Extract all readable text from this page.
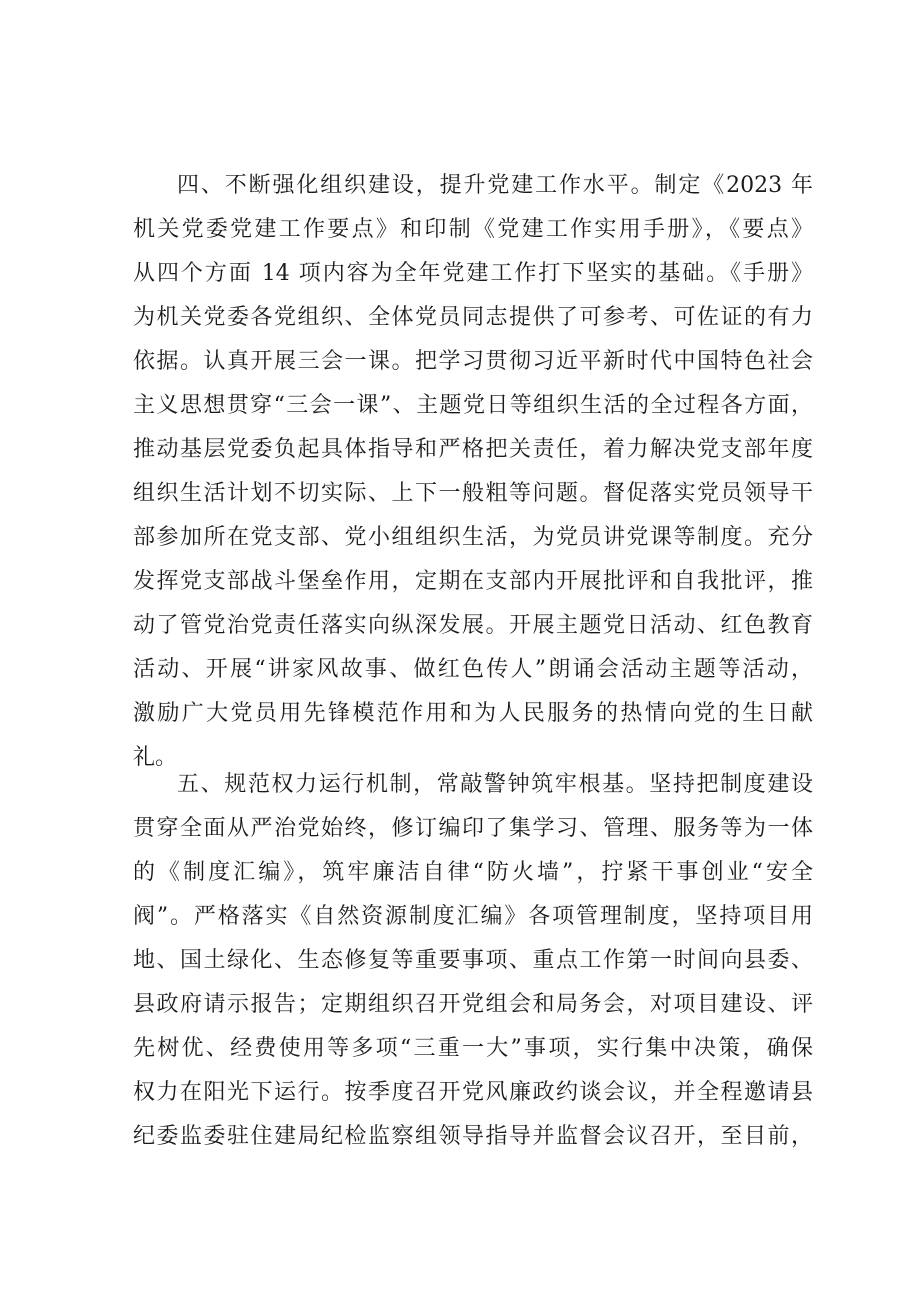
四、不断强化组织建设，提升党建工作水平。制定《2023 年
机关党委党建工作要点》和印制《党建工作实用手册》，《要点》
从四个方面 14 项内容为全年党建工作打下坚实的基础。《手册》
为机关党委各党组织、全体党员同志提供了可参考、可佐证的有力
依据。认真开展三会一课。把学习贯彻习近平新时代中国特色社会
主义思想贯穿“三会一课”、主题党日等组织生活的全过程各方面，
推动基层党委负起具体指导和严格把关责任，着力解决党支部年度
组织生活计划不切实际、上下一般粗等问题。督促落实党员领导干
部参加所在党支部、党小组组织生活，为党员讲党课等制度。充分
发挥党支部战斗堡垒作用，定期在支部内开展批评和自我批评，推
动了管党治党责任落实向纵深发展。开展主题党日活动、红色教育
活动、开展“讲家风故事、做红色传人”朗诵会活动主题等活动，
激励广大党员用先锋模范作用和为人民服务的热情向党的生日献
礼。
五、规范权力运行机制，常敲警钟筑牢根基。坚持把制度建设
贯穿全面从严治党始终，修订编印了集学习、管理、服务等为一体
的《制度汇编》，筑牢廉洁自律“防火墙”，拧紧干事创业“安全
阀”。严格落实《自然资源制度汇编》各项管理制度，坚持项目用
地、国土绿化、生态修复等重要事项、重点工作第一时间向县委、
县政府请示报告；定期组织召开党组会和局务会，对项目建设、评
先树优、经费使用等多项“三重一大”事项，实行集中决策，确保
权力在阳光下运行。按季度召开党风廉政约谈会议，并全程邀请县
纪委监委驻住建局纪检监察组领导指导并监督会议召开，至目前，
